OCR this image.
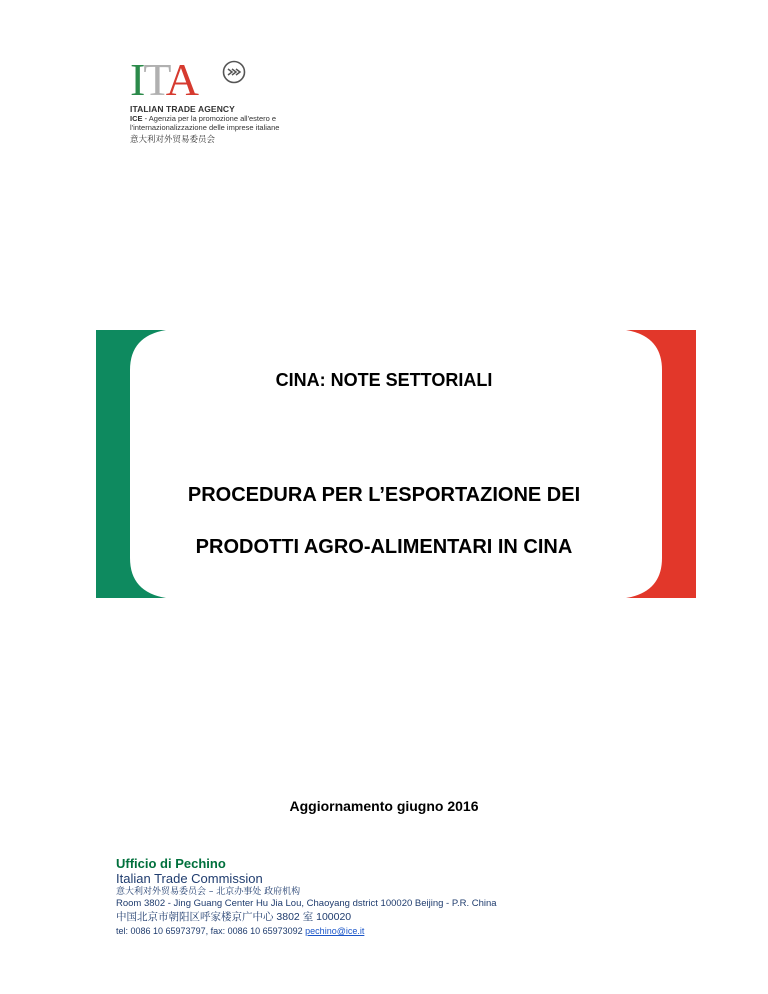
ITA
ITALIAN TRADE AGENCY
ICE - Agenzia per la promozione all'estero e
l'internazionalizzazione delle imprese italiane
意大利对外贸易委员会
CINA: NOTE SETTORIALI
PROCEDURA PER L’ESPORTAZIONE DEI
PRODOTTI AGRO-ALIMENTARI IN CINA
Aggiornamento giugno 2016
Ufficio di Pechino
Italian Trade Commission
意大利对外贸易委员会 – 北京办事处 政府机构
Room 3802 - Jing Guang Center Hu Jia Lou, Chaoyang dstrict 100020 Beijing - P.R. China
中国北京市朝阳区呼家楼京广中心 3802 室 100020
tel: 0086 10 65973797, fax: 0086 10 65973092 pechino@ice.it
